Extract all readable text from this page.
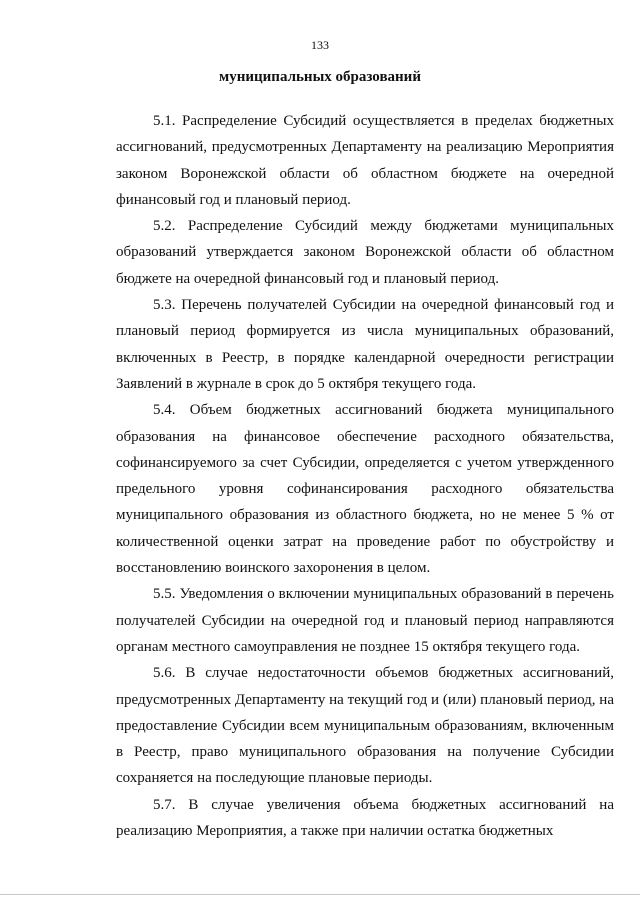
133
муниципальных образований

5.1. Распределение Субсидий осуществляется в пределах бюджетных ассигнований, предусмотренных Департаменту на реализацию Мероприятия законом Воронежской области об областном бюджете на очередной финансовый год и плановый период.

5.2. Распределение Субсидий между бюджетами муниципальных образований утверждается законом Воронежской области об областном бюджете на очередной финансовый год и плановый период.

5.3. Перечень получателей Субсидии на очередной финансовый год и плановый период формируется из числа муниципальных образований, включенных в Реестр, в порядке календарной очередности регистрации Заявлений в журнале в срок до 5 октября текущего года.

5.4. Объем бюджетных ассигнований бюджета муниципального образования на финансовое обеспечение расходного обязательства, софинансируемого за счет Субсидии, определяется с учетом утвержденного предельного уровня софинансирования расходного обязательства муниципального образования из областного бюджета, но не менее 5 % от количественной оценки затрат на проведение работ по обустройству и восстановлению воинского захоронения в целом.

5.5. Уведомления о включении муниципальных образований в перечень получателей Субсидии на очередной год и плановый период направляются органам местного самоуправления не позднее 15 октября текущего года.

5.6. В случае недостаточности объемов бюджетных ассигнований, предусмотренных Департаменту на текущий год и (или) плановый период, на предоставление Субсидии всем муниципальным образованиям, включенным в Реестр, право муниципального образования на получение Субсидии сохраняется на последующие плановые периоды.

5.7. В случае увеличения объема бюджетных ассигнований на реализацию Мероприятия, а также при наличии остатка бюджетных
